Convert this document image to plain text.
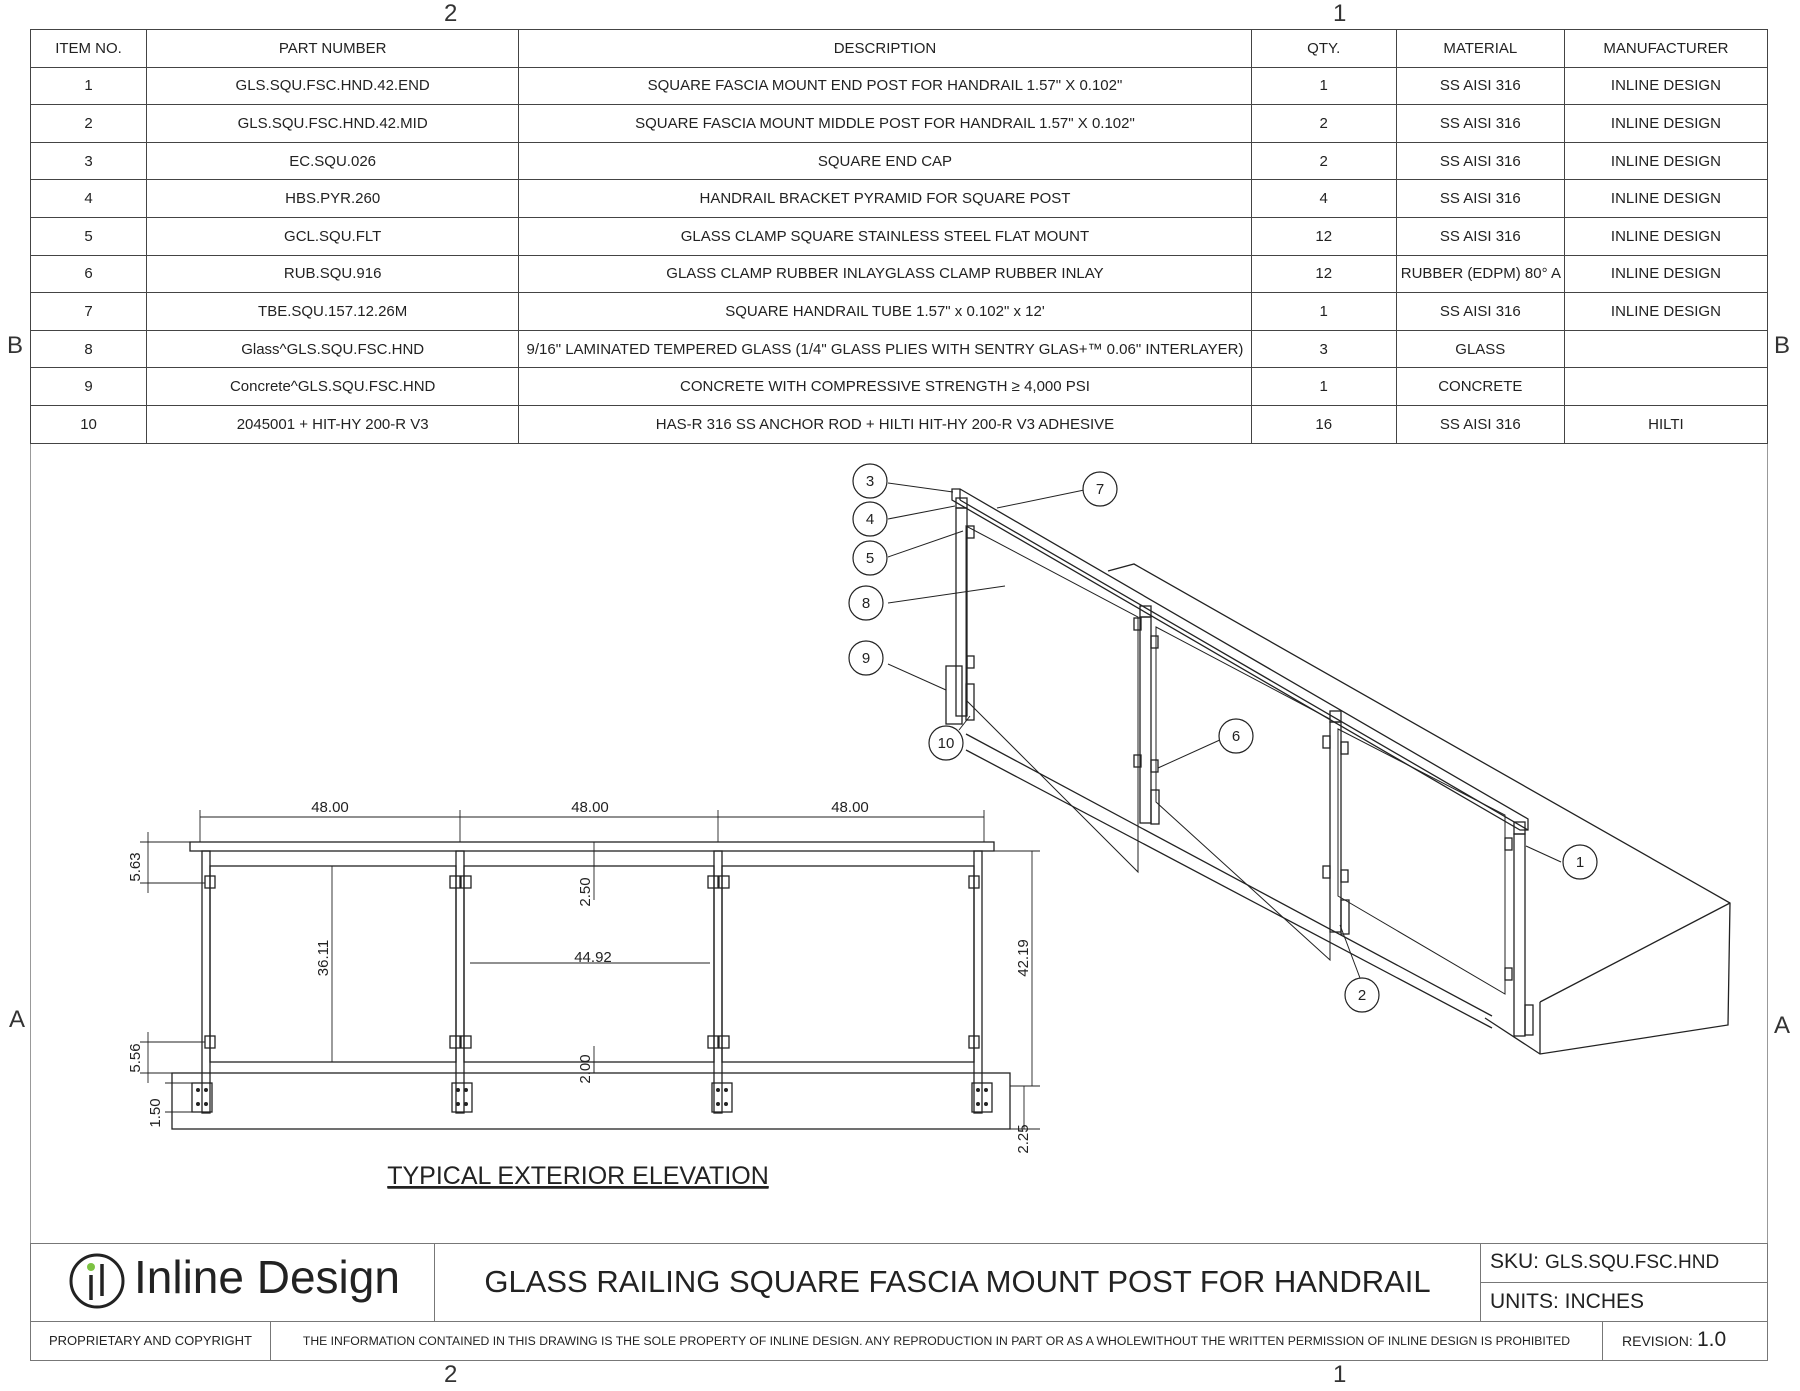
2	1
2	1
B	B
A	A
ITEM NO.	PART NUMBER	DESCRIPTION	QTY.	MATERIAL	MANUFACTURER
1	GLS.SQU.FSC.HND.42.END	SQUARE FASCIA MOUNT END POST FOR HANDRAIL 1.57" X 0.102"	1	SS AISI 316	INLINE DESIGN
2	GLS.SQU.FSC.HND.42.MID	SQUARE FASCIA MOUNT MIDDLE POST FOR HANDRAIL 1.57" X 0.102"	2	SS AISI 316	INLINE DESIGN
3	EC.SQU.026	SQUARE END CAP	2	SS AISI 316	INLINE DESIGN
4	HBS.PYR.260	HANDRAIL BRACKET PYRAMID FOR SQUARE POST	4	SS AISI 316	INLINE DESIGN
5	GCL.SQU.FLT	GLASS CLAMP SQUARE STAINLESS STEEL FLAT MOUNT	12	SS AISI 316	INLINE DESIGN
6	RUB.SQU.916	GLASS CLAMP RUBBER INLAYGLASS CLAMP RUBBER INLAY	12	RUBBER (EDPM) 80° A	INLINE DESIGN
7	TBE.SQU.157.12.26M	SQUARE HANDRAIL TUBE 1.57" x 0.102" x 12'	1	SS AISI 316	INLINE DESIGN
8	Glass^GLS.SQU.FSC.HND	9/16" LAMINATED TEMPERED GLASS (1/4" GLASS PLIES WITH SENTRY GLAS+™ 0.06" INTERLAYER)	3	GLASS	
9	Concrete^GLS.SQU.FSC.HND	CONCRETE WITH COMPRESSIVE STRENGTH ≥ 4,000 PSI	1	CONCRETE	
10	2045001 + HIT-HY 200-R V3	HAS-R 316 SS ANCHOR ROD + HILTI HIT-HY 200-R V3 ADHESIVE	16	SS AISI 316	HILTI
48.00	48.00	48.00
44.92
5.63
36.11
2.50
42.19
5.56	2.00
1.50
2.25
TYPICAL EXTERIOR ELEVATION
1
2
3
4
5
6
7
8
9
10
Inline Design	GLASS RAILING SQUARE FASCIA MOUNT POST FOR HANDRAIL
SKU: GLS.SQU.FSC.HND
UNITS: INCHES
PROPRIETARY AND COPYRIGHT	THE INFORMATION CONTAINED IN THIS DRAWING IS THE SOLE PROPERTY OF INLINE DESIGN. ANY REPRODUCTION IN PART OR AS A WHOLEWITHOUT THE WRITTEN PERMISSION OF INLINE DESIGN IS PROHIBITED	REVISION: 1.0
